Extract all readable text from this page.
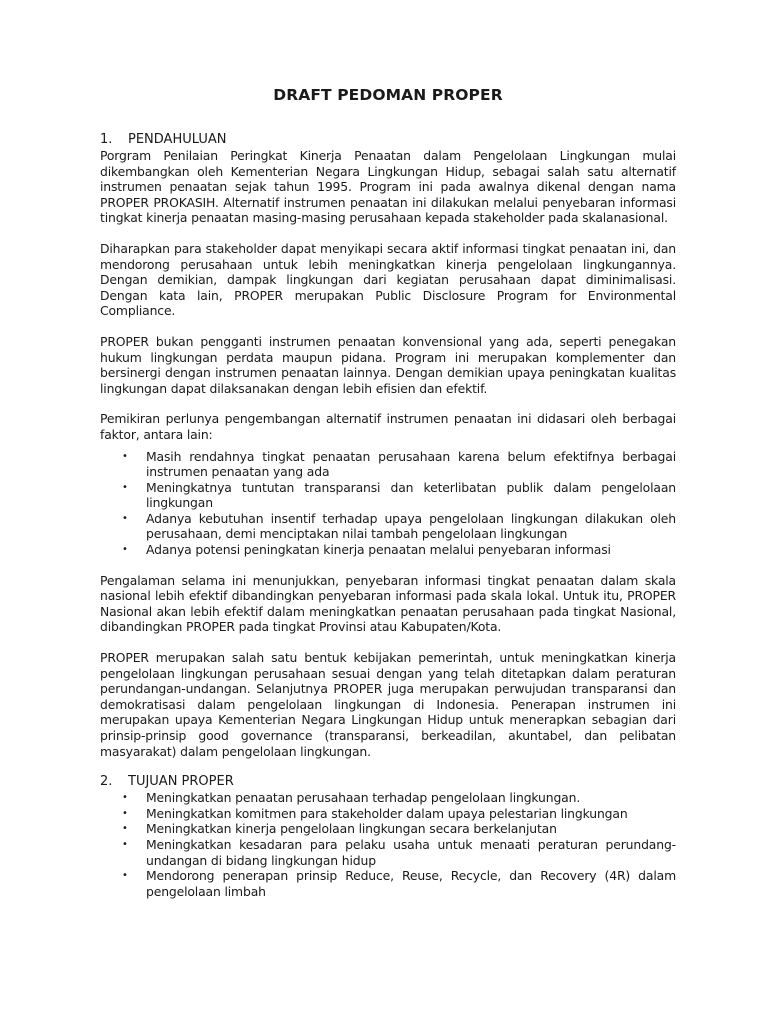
DRAFT PEDOMAN PROPER
1.	PENDAHULUAN

Porgram Penilaian Peringkat Kinerja Penaatan dalam Pengelolaan Lingkungan mulai dikembangkan oleh Kementerian Negara Lingkungan Hidup, sebagai salah satu alternatif instrumen penaatan sejak tahun 1995. Program ini pada awalnya dikenal dengan nama PROPER PROKASIH. Alternatif instrumen penaatan ini dilakukan melalui penyebaran informasi tingkat kinerja penaatan masing-masing perusahaan kepada stakeholder pada skalanasional.

Diharapkan para stakeholder dapat menyikapi secara aktif informasi tingkat penaatan ini, dan mendorong perusahaan untuk lebih meningkatkan kinerja pengelolaan lingkungannya. Dengan demikian, dampak lingkungan dari kegiatan perusahaan dapat diminimalisasi. Dengan kata lain, PROPER merupakan Public Disclosure Program for Environmental Compliance.

PROPER bukan pengganti instrumen penaatan konvensional yang ada, seperti penegakan hukum lingkungan perdata maupun pidana. Program ini merupakan komplementer dan bersinergi dengan instrumen penaatan lainnya. Dengan demikian upaya peningkatan kualitas lingkungan dapat dilaksanakan dengan lebih efisien dan efektif.

Pemikiran perlunya pengembangan alternatif instrumen penaatan ini didasari oleh berbagai faktor, antara lain:

• Masih rendahnya tingkat penaatan perusahaan karena belum efektifnya berbagai instrumen penaatan yang ada
• Meningkatnya tuntutan transparansi dan keterlibatan publik dalam pengelolaan lingkungan
• Adanya kebutuhan insentif terhadap upaya pengelolaan lingkungan dilakukan oleh perusahaan, demi menciptakan nilai tambah pengelolaan lingkungan
• Adanya potensi peningkatan kinerja penaatan melalui penyebaran informasi

Pengalaman selama ini menunjukkan, penyebaran informasi tingkat penaatan dalam skala nasional lebih efektif dibandingkan penyebaran informasi pada skala lokal. Untuk itu, PROPER Nasional akan lebih efektif dalam meningkatkan penaatan perusahaan pada tingkat Nasional, dibandingkan PROPER pada tingkat Provinsi atau Kabupaten/Kota.

PROPER merupakan salah satu bentuk kebijakan pemerintah, untuk meningkatkan kinerja pengelolaan lingkungan perusahaan sesuai dengan yang telah ditetapkan dalam peraturan perundangan-undangan. Selanjutnya PROPER juga merupakan perwujudan transparansi dan demokratisasi dalam pengelolaan lingkungan di Indonesia. Penerapan instrumen ini merupakan upaya Kementerian Negara Lingkungan Hidup untuk menerapkan sebagian dari prinsip-prinsip good governance (transparansi, berkeadilan, akuntabel, dan pelibatan masyarakat) dalam pengelolaan lingkungan.

2.	TUJUAN PROPER
• Meningkatkan penaatan perusahaan terhadap pengelolaan lingkungan.
• Meningkatkan komitmen para stakeholder dalam upaya pelestarian lingkungan
• Meningkatkan kinerja pengelolaan lingkungan secara berkelanjutan
• Meningkatkan kesadaran para pelaku usaha untuk menaati peraturan perundang-undangan di bidang lingkungan hidup
• Mendorong penerapan prinsip Reduce, Reuse, Recycle, dan Recovery (4R) dalam pengelolaan limbah
